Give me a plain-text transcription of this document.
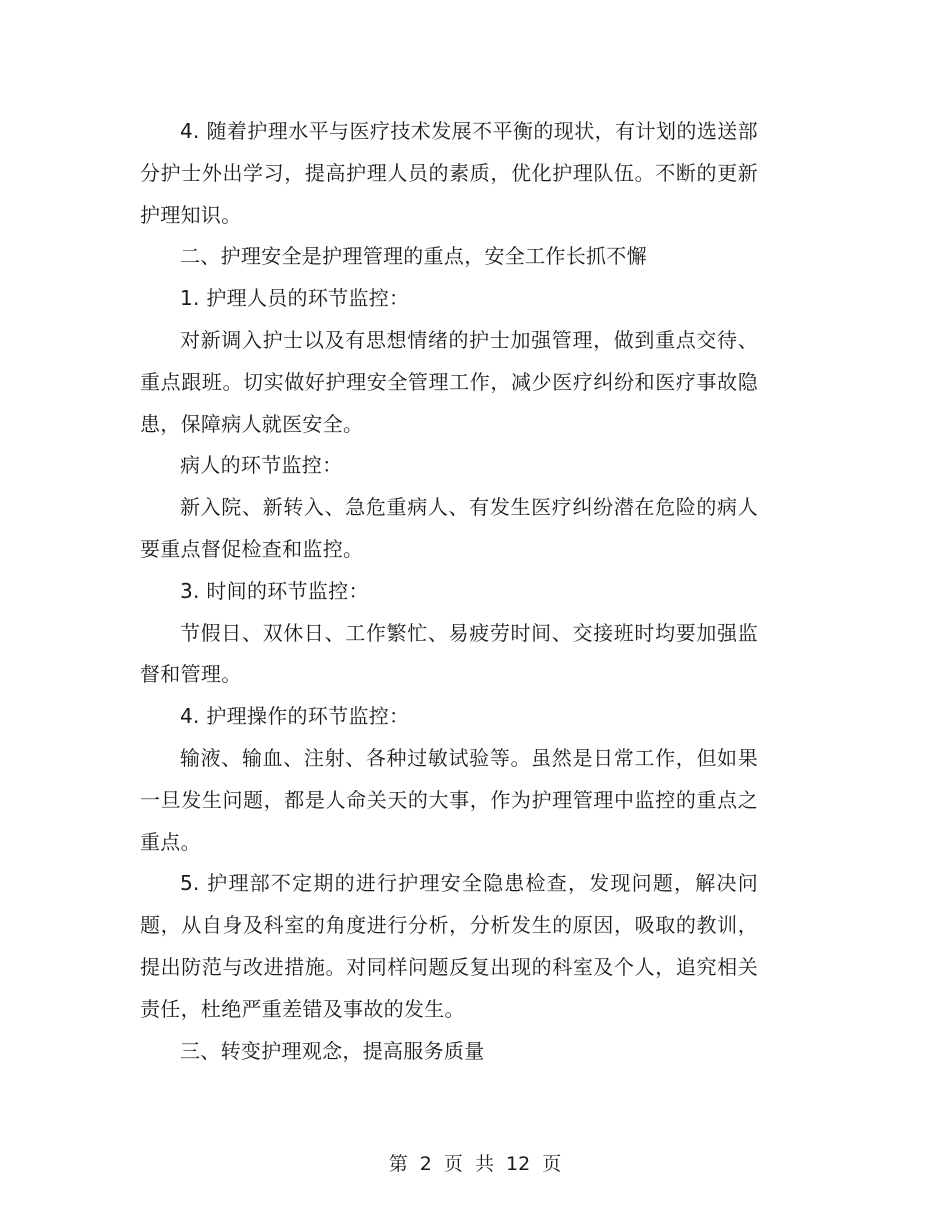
4. 随着护理水平与医疗技术发展不平衡的现状，有计划的选送部分护士外出学习，提高护理人员的素质，优化护理队伍。不断的更新护理知识。

二、护理安全是护理管理的重点，安全工作长抓不懈

1. 护理人员的环节监控：

对新调入护士以及有思想情绪的护士加强管理，做到重点交待、重点跟班。切实做好护理安全管理工作，减少医疗纠纷和医疗事故隐患，保障病人就医安全。

病人的环节监控：

新入院、新转入、急危重病人、有发生医疗纠纷潜在危险的病人要重点督促检查和监控。

3. 时间的环节监控：

节假日、双休日、工作繁忙、易疲劳时间、交接班时均要加强监督和管理。

4. 护理操作的环节监控：

输液、输血、注射、各种过敏试验等。虽然是日常工作，但如果一旦发生问题，都是人命关天的大事，作为护理管理中监控的重点之重点。

5. 护理部不定期的进行护理安全隐患检查，发现问题，解决问题，从自身及科室的角度进行分析，分析发生的原因，吸取的教训，提出防范与改进措施。对同样问题反复出现的科室及个人，追究相关责任，杜绝严重差错及事故的发生。

三、转变护理观念，提高服务质量

第 2 页 共 12 页
